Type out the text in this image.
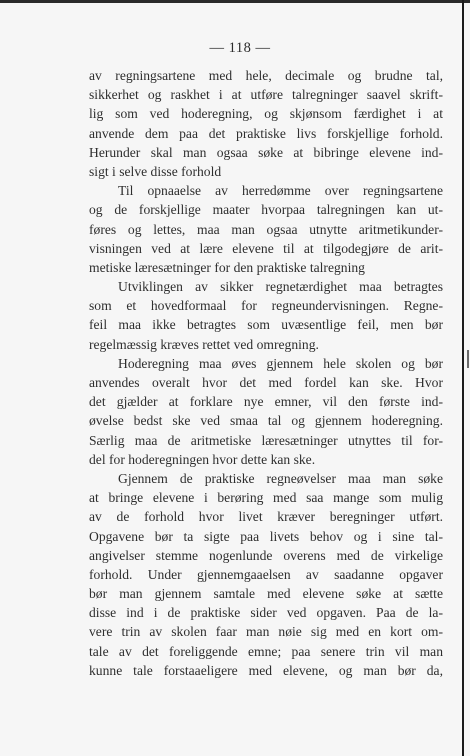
— 118 —
av regningsartene med hele, decimale og brudne tal,
sikkerhet og raskhet i at utføre talregninger saavel skrift-
lig som ved hoderegning, og skjønsom færdighet i at
anvende dem paa det praktiske livs forskjellige forhold.
Herunder skal man ogsaa søke at bibringe elevene ind-
sigt i selve disse forhold
Til opnaaelse av herredømme over regningsartene
og de forskjellige maater hvorpaa talregningen kan ut-
føres og lettes, maa man ogsaa utnytte aritmetikunder-
visningen ved at lære elevene til at tilgodegjøre de arit-
metiske læresætninger for den praktiske talregning
Utviklingen av sikker regnetærdighet maa betragtes
som et hovedformaal for regneundervisningen. Regne-
feil maa ikke betragtes som uvæsentlige feil, men bør
regelmæssig kræves rettet ved omregning.
Hoderegning maa øves gjennem hele skolen og bør
anvendes overalt hvor det med fordel kan ske. Hvor
det gjælder at forklare nye emner, vil den første ind-
øvelse bedst ske ved smaa tal og gjennem hoderegning.
Særlig maa de aritmetiske læresætninger utnyttes til for-
del for hoderegningen hvor dette kan ske.
Gjennem de praktiske regneøvelser maa man søke
at bringe elevene i berøring med saa mange som mulig
av de forhold hvor livet kræver beregninger utført.
Opgavene bør ta sigte paa livets behov og i sine tal-
angivelser stemme nogenlunde overens med de virkelige
forhold. Under gjennemgaaelsen av saadanne opgaver
bør man gjennem samtale med elevene søke at sætte
disse ind i de praktiske sider ved opgaven. Paa de la-
vere trin av skolen faar man nøie sig med en kort om-
tale av det foreliggende emne; paa senere trin vil man
kunne tale forstaaeligere med elevene, og man bør da,
